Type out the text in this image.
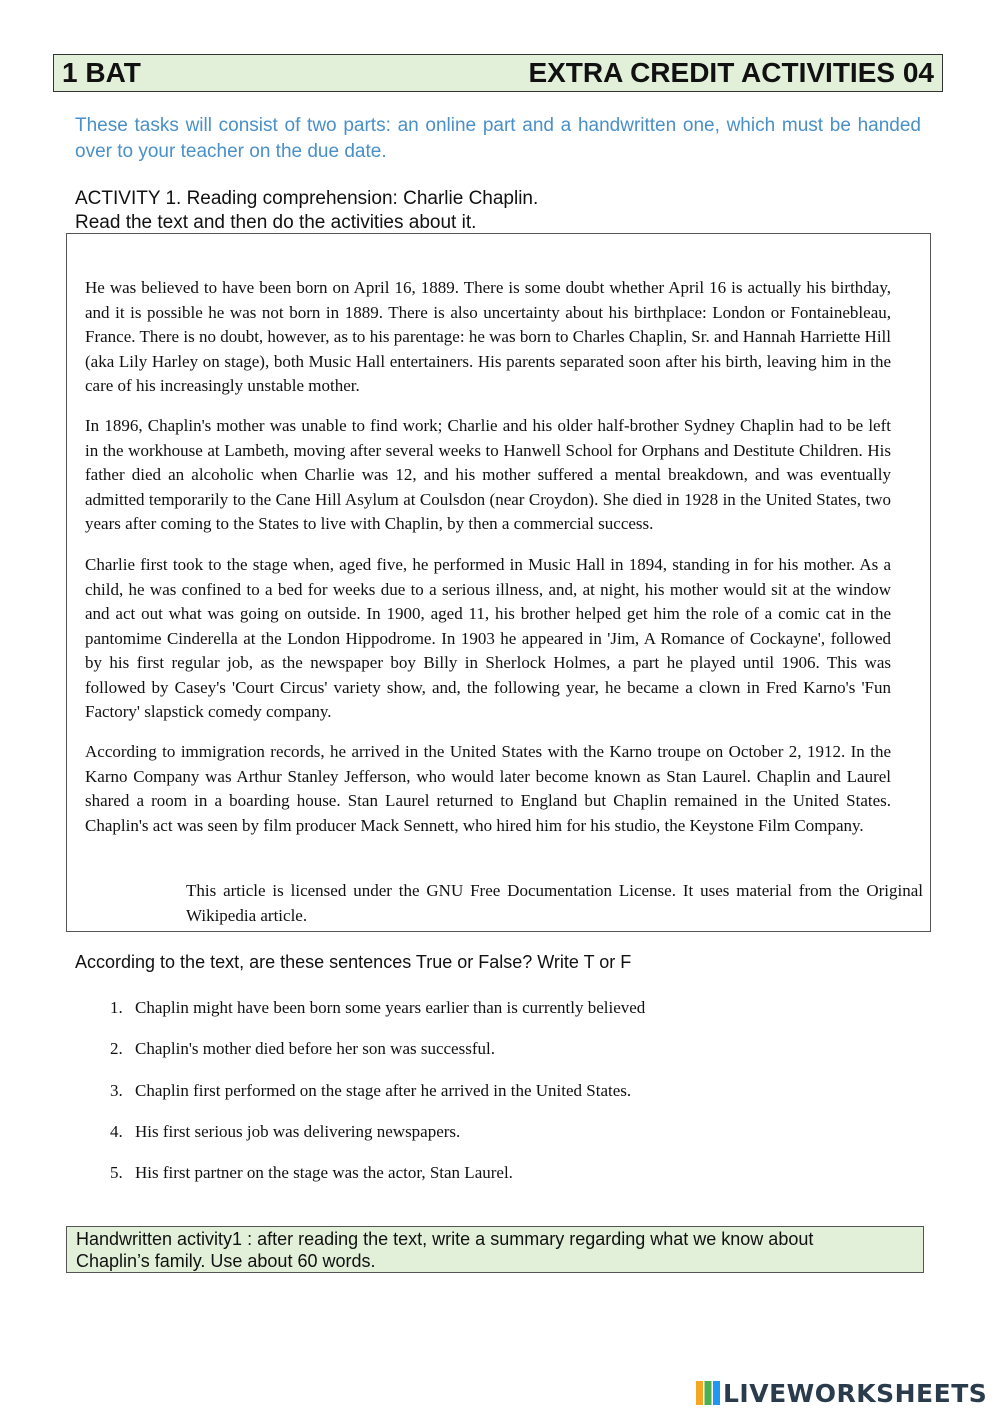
1 BAT	EXTRA CREDIT ACTIVITIES 04
These tasks will consist of two parts: an online part and a handwritten one, which must be handed over to your teacher on the due date.
ACTIVITY 1. Reading comprehension: Charlie Chaplin.
Read the text and then do the activities about it.

He was believed to have been born on April 16, 1889. There is some doubt whether April 16 is actually his birthday, and it is possible he was not born in 1889. There is also uncertainty about his birthplace: London or Fontainebleau, France. There is no doubt, however, as to his parentage: he was born to Charles Chaplin, Sr. and Hannah Harriette Hill (aka Lily Harley on stage), both Music Hall entertainers. His parents separated soon after his birth, leaving him in the care of his increasingly unstable mother.

In 1896, Chaplin's mother was unable to find work; Charlie and his older half-brother Sydney Chaplin had to be left in the workhouse at Lambeth, moving after several weeks to Hanwell School for Orphans and Destitute Children. His father died an alcoholic when Charlie was 12, and his mother suffered a mental breakdown, and was eventually admitted temporarily to the Cane Hill Asylum at Coulsdon (near Croydon). She died in 1928 in the United States, two years after coming to the States to live with Chaplin, by then a commercial success.

Charlie first took to the stage when, aged five, he performed in Music Hall in 1894, standing in for his mother. As a child, he was confined to a bed for weeks due to a serious illness, and, at night, his mother would sit at the window and act out what was going on outside. In 1900, aged 11, his brother helped get him the role of a comic cat in the pantomime Cinderella at the London Hippodrome. In 1903 he appeared in 'Jim, A Romance of Cockayne', followed by his first regular job, as the newspaper boy Billy in Sherlock Holmes, a part he played until 1906. This was followed by Casey's 'Court Circus' variety show, and, the following year, he became a clown in Fred Karno's 'Fun Factory' slapstick comedy company.

According to immigration records, he arrived in the United States with the Karno troupe on October 2, 1912. In the Karno Company was Arthur Stanley Jefferson, who would later become known as Stan Laurel. Chaplin and Laurel shared a room in a boarding house. Stan Laurel returned to England but Chaplin remained in the United States. Chaplin's act was seen by film producer Mack Sennett, who hired him for his studio, the Keystone Film Company.

This article is licensed under the GNU Free Documentation License. It uses material from the Original Wikipedia article.

According to the text, are these sentences True or False? Write T or F
1. Chaplin might have been born some years earlier than is currently believed
2. Chaplin's mother died before her son was successful.
3. Chaplin first performed on the stage after he arrived in the United States.
4. His first serious job was delivering newspapers.
5. His first partner on the stage was the actor, Stan Laurel.
Handwritten activity1 : after reading the text, write a summary regarding what we know about
Chaplin’s family. Use about 60 words.
LIVEWORKSHEETS
